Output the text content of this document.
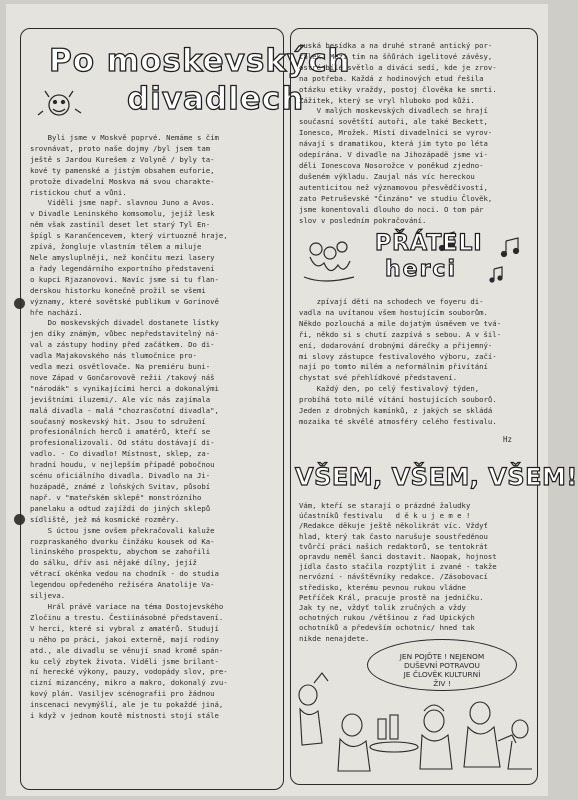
Po moskevských
divadlech
Byli jsme v Moskvě poprvé. Nemáme s čím
srovnávat, proto naše dojmy /byl jsem tam
ještě s Jardou Kurešem z Volyně / byly ta-
kové ty pamenské a jistým obsahem euforie,
protože divadelní Moskva má svou charakte-
ristickou chuť a vůni.
Viděli jsme např. slavnou Juno a Avos.
v Divadle Leninského komsomolu, jejíž lesk
něm však zastínil deset let starý Tyl En-
špígl s Karančencevem, který virtuozně hraje,
zpívá, žongluje vlastním tělem a miluje
Nele amysluplněji, než končitu mezi lasery
a řady legendárního exportního představení
o kupci Rjazanovovi. Navíc jsme si tu flan-
derskou historku konečně prožil se všemi
významy, které sovětské publikum v Gorinově
hře nachází.
Do moskevských divadel dostanete lístky
jen díky známým, vůbec nepředstavitelný ná-
val a zástupy hodiny před začátkem. Do di-
vadla Majakovského nás tlumočnice pro-
vedla mezi osvětlovače. Na premiéru buni-
nove Západ v Gončarovově režii /takový náš
"národák" s vynikajícími herci a dokonalými
jevištními iluzemi/. Ale víc nás zajímala
malá divadla - malá "chozrasčotní divadla",
současný moskevský hit. Jsou to sdružení
profesionálních herců i amatérů, kteří se
profesionalizovali. Od státu dostávají di-
vadlo. - Co divadlo! Místnost, sklep, za-
hradní houdu, v nejlepším případě pobočnou
scénu oficiálního divadla. Divadlo na Ji-
hozápadě, známé z loňských Svitav, působí
např. v "mateřském sklepě" monstrózního
panelaku a odtud zajíždí do jiných sklepů
sídliště, jež má kosmické rozměry.
S úctou jsme ovšem překračovali kaluže
rozpraskaného dvorku činžáku kousek od Ka-
lininského prospektu, abychom se zahořili
do sálku, dřív asi nějaké dílny, jejíž
větrací okénka vedou na chodník - do studia
legendou opředeného režiséra Anatolije Va-
siljeva.
Hrál právě variace na téma Dostojevského
Zločinu a trestu. Čestiinásobné představení.
V herci, které si vybral z amatérů. Studují
u něho po práci, jakoi externě, mají rodiny
atd., ale divadlu se věnují snad kromě spán-
ku celý zbytek života. Viděli jsme brilant-
ní herecké výkony, pauzy, vodopády slov, pre-
cizní mizancény, mikro a makro, dokonalý zvu-
kový plán. Vasiljev scénografii pro žádnou
inscenaci nevymýšlí, ale je tu pokaždé jiná,
i když v jednom koutě místnosti stojí stále
ruská besídka a na druhé straně antický por-
tálek. Mezi tím na šňůrách igelitové závěsy,
ostré bílé světlo a diváci sedí, kde je zrov-
na potřeba. Každá z hodinových etud řešila
otázku etiky vraždy, postoj člověka ke smrti.
Zážitek, který se vryl hluboko pod kůži.
V malých moskevských divadlech se hrají
současní sovětští autoři, ale také Beckett,
Ionesco, Mrožek. Místí divadelníci se vyrov-
návají s dramatikou, která jim tyto po léta
odepírána. V divadle na Jihozápadě jsme vi-
děli Ionescova Nosorožce v poněkud zjedno-
dušeném výkladu. Zaujal nás víc hereckou
autenticitou než významovou přesvědčivostí,
zato Petruševské "Činzáno" ve studiu Člověk,
jsme konentovali dlouho do noci. O tom pár
slov v posledním pokračování.
PŘÁTELI
herci
zpívají děti na schodech ve foyeru di-
vadla na uvítanou všem hostujícím souborům.
Někdo pozlouchá a mile dojatým úsměvem ve tvá-
ři, někdo si s chutí zazpívá s sebou. A v šil-
ení, dodarování drobnými dárečky a přijemný-
mi slovy zástupce festivalového výboru, začí-
nají po tomto milém a neformálním přivítání
chystat své přehlídkové představení.
Každý den, po celý festivalový týden,
probíhá toto milé vítání hostujících souborů.
Jeden z drobných kamínků, z jakých se skládá
mozaika té skvělé atmosféry celého festivalu.
Hz
VŠEM, VŠEM, VŠEM!
Vám, kteří se starají o prázdné žaludky
účastníků festivalu   d ě k u j e m e !
/Redakce děkuje ještě několikrát víc. Vždyť
hlad, který tak často narušuje soustředěnou
tvůrčí práci našich redaktorů, se tentokrát
opravdu neměl šanci dostavit. Naopak, hojnost
jídla často stačila rozptýlit i zvané - takže
nervózní - návštěvníky redakce. /Zásobovací
středisko, kterému pevnou rukou vládne
Petříček Král, pracuje prostě na jedničku.
Jak ty ne, vždyť tolik zručných a vždy
ochotných rukou /většinou z řad Upických
ochotníků a především ochotnic/ hned tak
nikde nenajdete.
JEN POJĎTE ! NEJENOM
DUŠEVNÍ POTRAVOU
JE ČLOVĚK KULTURNÍ
ŽIV !
